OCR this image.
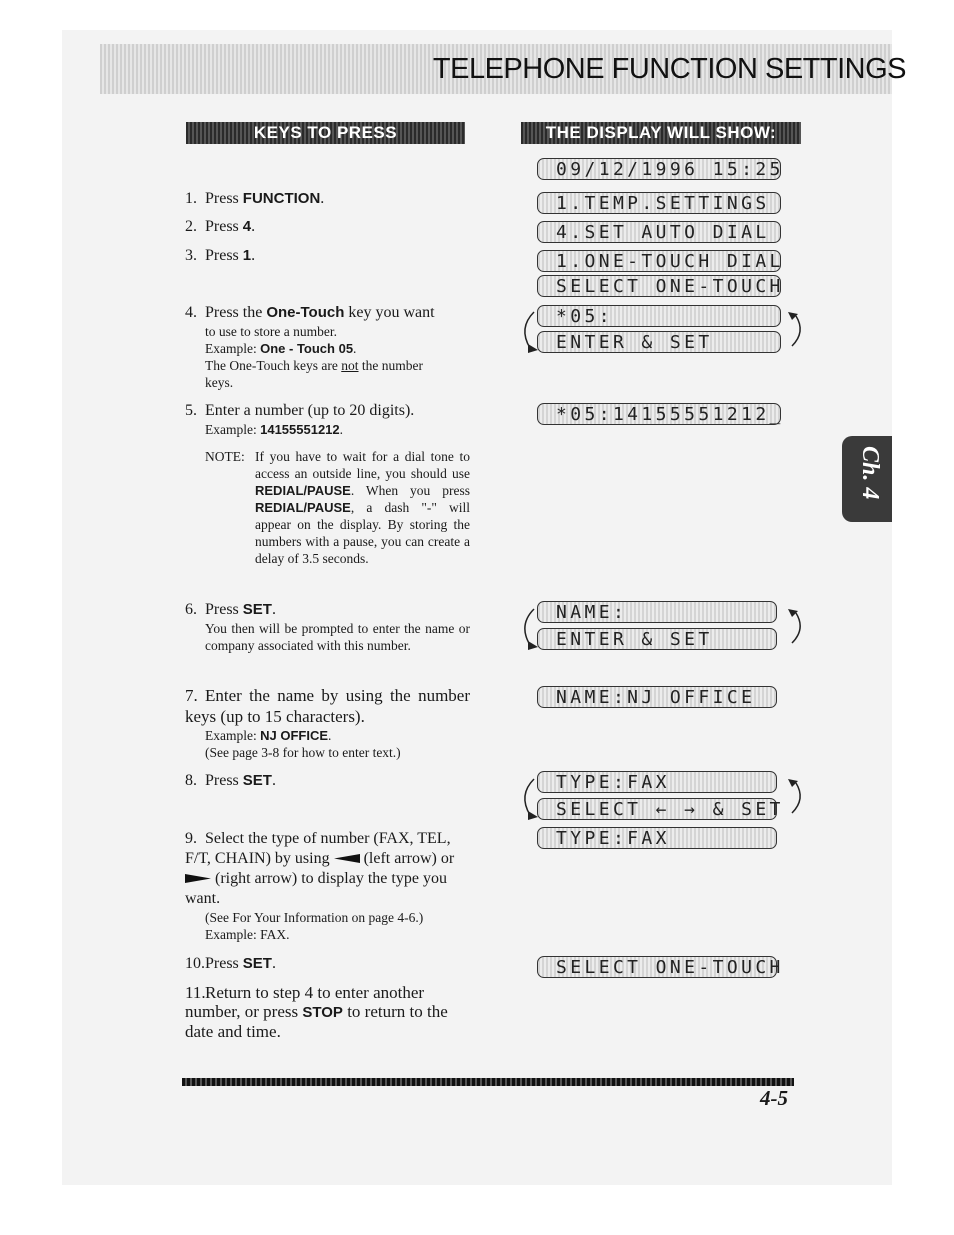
TELEPHONE FUNCTION SETTINGS
KEYS TO PRESS	THE DISPLAY WILL SHOW:
1. Press FUNCTION.
2. Press 4.
3. Press 1.
4. Press the One-Touch key you want
to use to store a number.
Example: One - Touch 05.
The One-Touch keys are not the number
keys.
5. Enter a number (up to 20 digits).
Example: 14155551212.
NOTE: If you have to wait for a dial tone to access an outside line, you should use REDIAL/PAUSE. When you press REDIAL/PAUSE, a dash "-" will appear on the display. By storing the numbers with a pause, you can create a delay of 3.5 seconds.
6. Press SET.
You then will be prompted to enter the name or company associated with this number.
7. Enter the name by using the number keys (up to 15 characters).
Example: NJ OFFICE.
(See page 3-8 for how to enter text.)
8. Press SET.
9. Select the type of number (FAX, TEL, F/T, CHAIN) by using  (left arrow) or  (right arrow) to display the type you want.
(See For Your Information on page 4-6.)
Example: FAX.
10.Press SET.
11.Return to step 4 to enter another number, or press STOP to return to the date and time.
09/12/1996 15:25
1.TEMP.SETTINGS
4.SET AUTO DIAL
1.ONE-TOUCH DIAL
SELECT ONE-TOUCH
*05:
ENTER & SET
*05:14155551212_
NAME:
ENTER & SET
NAME:NJ OFFICE
TYPE:FAX
SELECT ← → & SET
TYPE:FAX
SELECT ONE-TOUCH
Ch. 4
4-5
